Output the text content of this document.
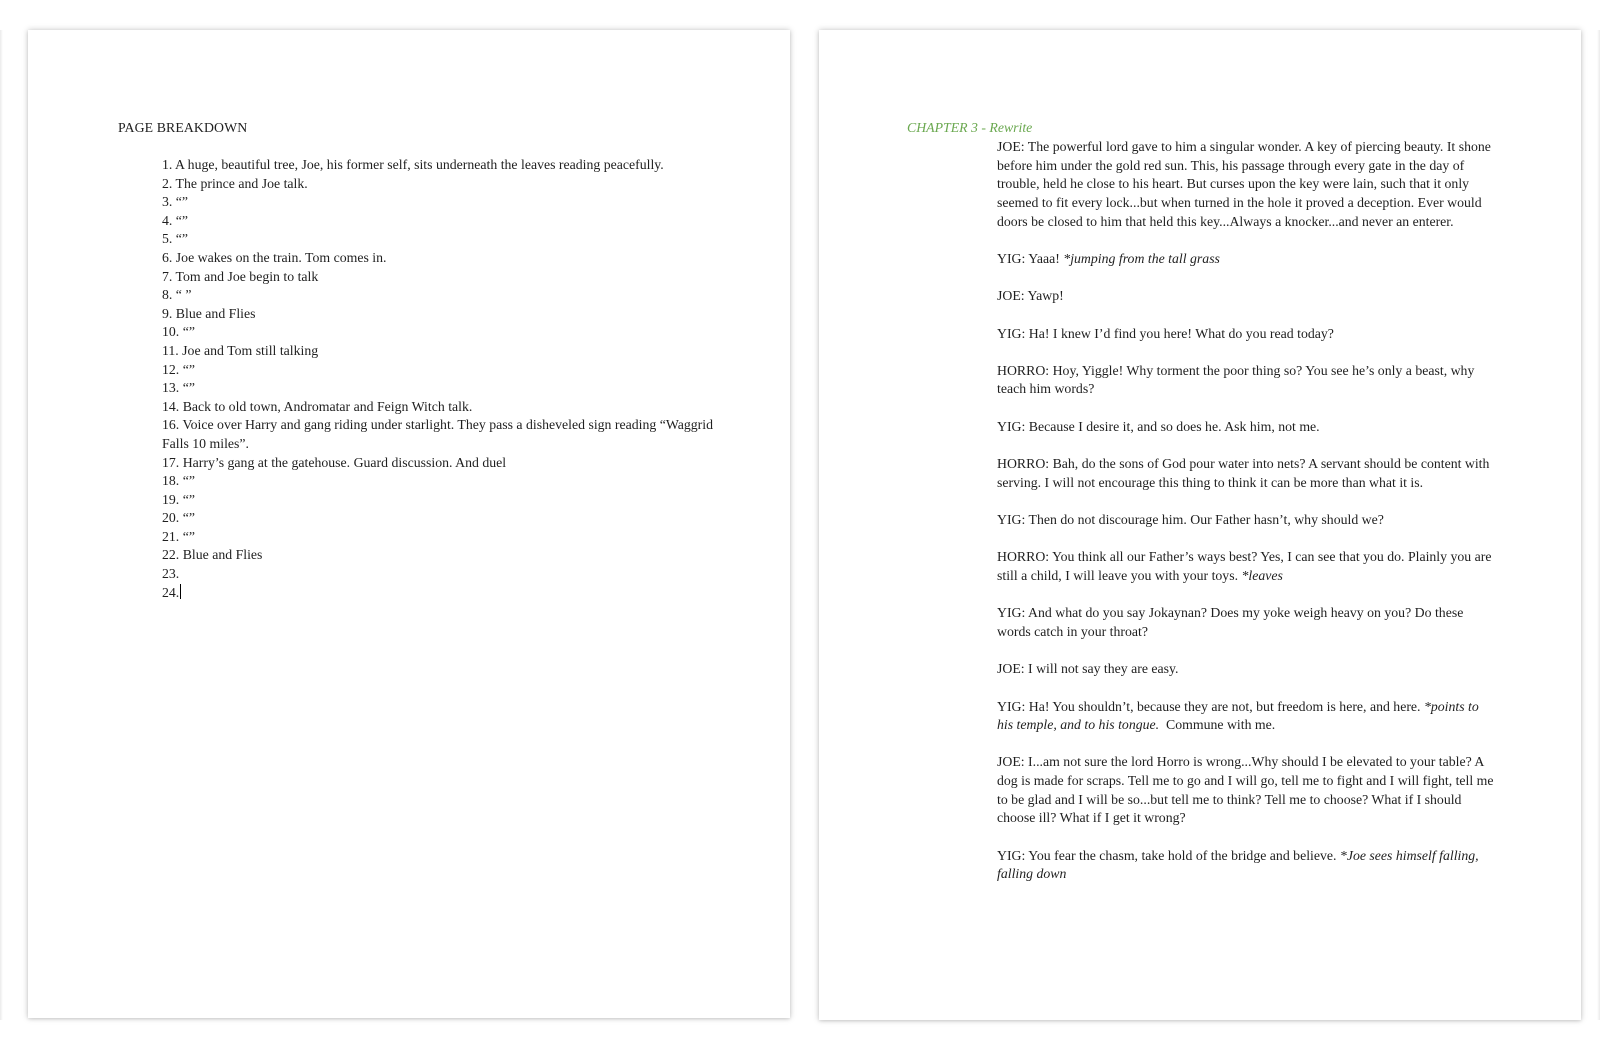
PAGE BREAKDOWN
1. A huge, beautiful tree, Joe, his former self, sits underneath the leaves reading peacefully.
2. The prince and Joe talk.
3. “”
4. “”
5. “”
6. Joe wakes on the train. Tom comes in.
7. Tom and Joe begin to talk
8. “ ”
9. Blue and Flies
10. “”
11. Joe and Tom still talking
12. “”
13. “”
14. Back to old town, Andromatar and Feign Witch talk.
16. Voice over Harry and gang riding under starlight. They pass a disheveled sign reading “Waggrid Falls 10 miles”.
17. Harry’s gang at the gatehouse. Guard discussion. And duel
18. “”
19. “”
20. “”
21. “”
22. Blue and Flies
23.
24.
CHAPTER 3 - Rewrite

JOE: The powerful lord gave to him a singular wonder. A key of piercing beauty. It shone before him under the gold red sun. This, his passage through every gate in the day of trouble, held he close to his heart. But curses upon the key were lain, such that it only seemed to fit every lock...but when turned in the hole it proved a deception. Ever would doors be closed to him that held this key...Always a knocker...and never an enterer.

YIG: Yaaa! *jumping from the tall grass

JOE: Yawp!

YIG: Ha! I knew I’d find you here! What do you read today?

HORRO: Hoy, Yiggle! Why torment the poor thing so? You see he’s only a beast, why teach him words?

YIG: Because I desire it, and so does he. Ask him, not me.

HORRO: Bah, do the sons of God pour water into nets? A servant should be content with serving. I will not encourage this thing to think it can be more than what it is.

YIG: Then do not discourage him. Our Father hasn’t, why should we?

HORRO: You think all our Father’s ways best? Yes, I can see that you do. Plainly you are still a child, I will leave you with your toys. *leaves

YIG: And what do you say Jokaynan? Does my yoke weigh heavy on you? Do these words catch in your throat?

JOE: I will not say they are easy.

YIG: Ha! You shouldn’t, because they are not, but freedom is here, and here. *points to his temple, and to his tongue.  Commune with me.

JOE: I...am not sure the lord Horro is wrong...Why should I be elevated to your table? A dog is made for scraps. Tell me to go and I will go, tell me to fight and I will fight, tell me to be glad and I will be so...but tell me to think? Tell me to choose? What if I should choose ill? What if I get it wrong?

YIG: You fear the chasm, take hold of the bridge and believe. *Joe sees himself falling, falling down
